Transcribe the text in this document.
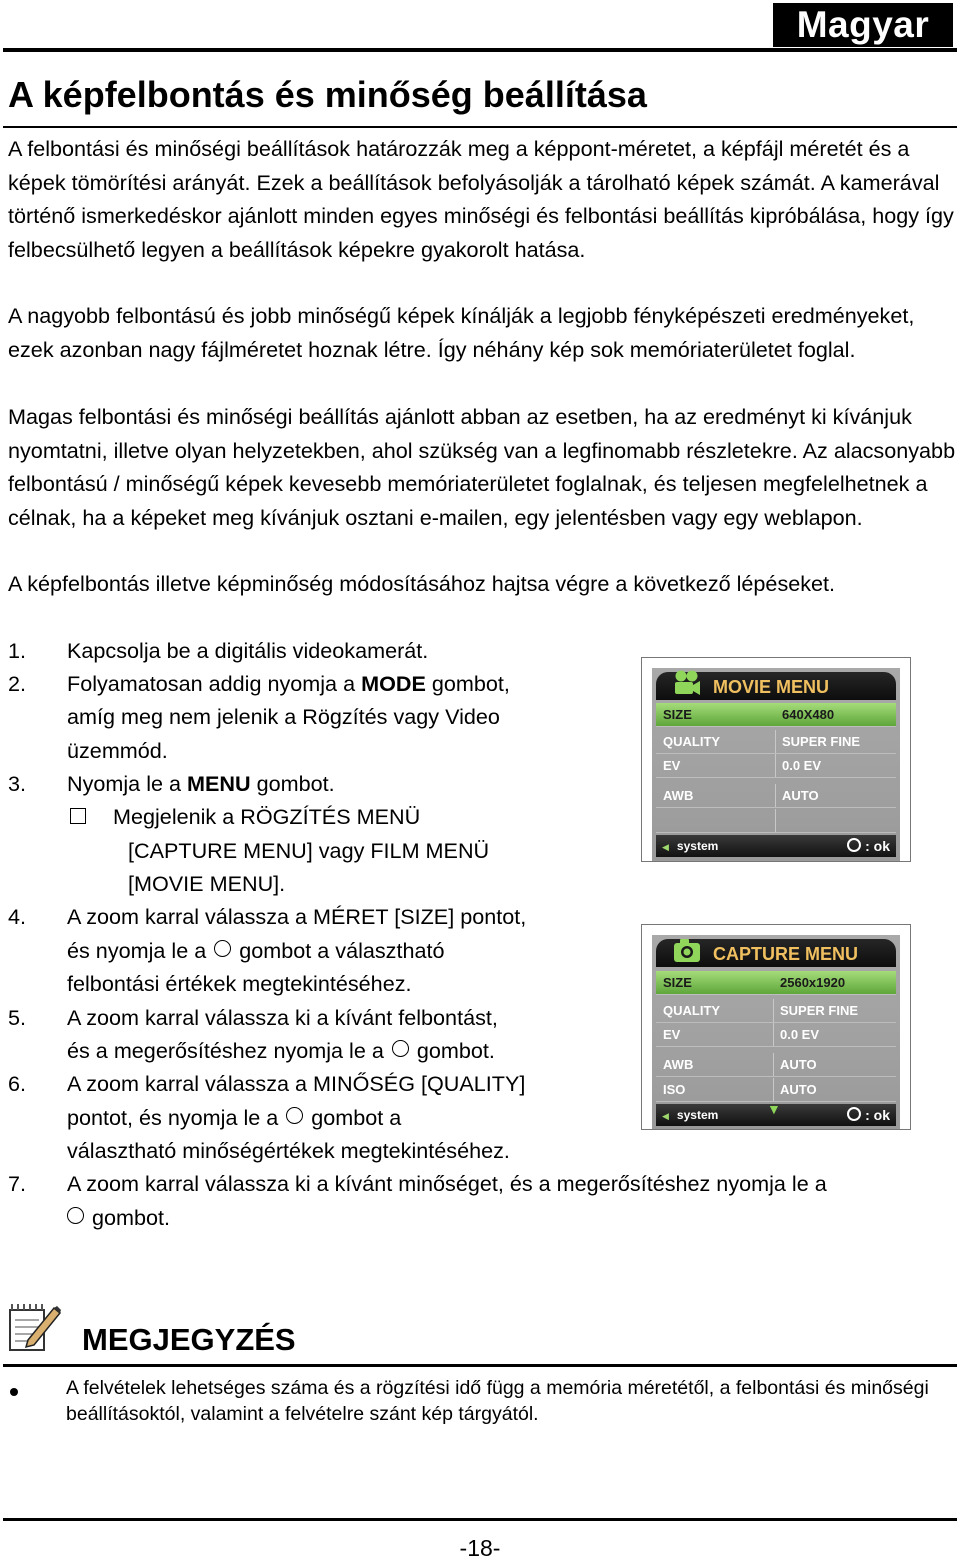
Magyar
A képfelbontás és minőség beállítása

A felbontási és minőségi beállítások határozzák meg a képpont-méretet, a képfájl méretét és a képek tömörítési arányát. Ezek a beállítások befolyásolják a tárolható képek számát. A kamerával történő ismerkedéskor ajánlott minden egyes minőségi és felbontási beállítás kipróbálása, hogy így felbecsülhető legyen a beállítások képekre gyakorolt hatása.

A nagyobb felbontású és jobb minőségű képek kínálják a legjobb fényképészeti eredményeket, ezek azonban nagy fájlméretet hoznak létre. Így néhány kép sok memóriaterületet foglal.

Magas felbontási és minőségi beállítás ajánlott abban az esetben, ha az eredményt ki kívánjuk nyomtatni, illetve olyan helyzetekben, ahol szükség van a legfinomabb részletekre. Az alacsonyabb felbontású / minőségű képek kevesebb memóriaterületet foglalnak, és teljesen megfelelhetnek a célnak, ha a képeket meg kívánjuk osztani e-mailen, egy jelentésben vagy egy weblapon.

A képfelbontás illetve képminőség módosításához hajtsa végre a következő lépéseket.

1. Kapcsolja be a digitális videokamerát.
2. Folyamatosan addig nyomja a MODE gombot,
amíg meg nem jelenik a Rögzítés vagy Video
üzemmód.
3. Nyomja le a MENU gombot.
Megjelenik a RÖGZÍTÉS MENÜ
[CAPTURE MENU] vagy FILM MENÜ
[MOVIE MENU].
4. A zoom karral válassza a MÉRET [SIZE] pontot,
és nyomja le a gombot a választható
felbontási értékek megtekintéséhez.
5. A zoom karral válassza ki a kívánt felbontást,
és a megerősítéshez nyomja le a gombot.
6. A zoom karral válassza a MINŐSÉG [QUALITY]
pontot, és nyomja le a gombot a
választható minőségértékek megtekintéséhez.
7. A zoom karral válassza ki a kívánt minőséget, és a megerősítéshez nyomja le a
gombot.
MOVIE MENU
SIZE	640X480
QUALITY	SUPER FINE
EV	0.0 EV
AWB	AUTO
◀ system	: ok
CAPTURE MENU
SIZE	2560x1920
QUALITY	SUPER FINE
EV	0.0 EV
AWB	AUTO
ISO	AUTO
◀ system	▼	: ok
MEGJEGYZÉS
A felvételek lehetséges száma és a rögzítési idő függ a memória méretétől, a felbontási és minőségi beállításoktól, valamint a felvételre szánt kép tárgyától.
-18-
